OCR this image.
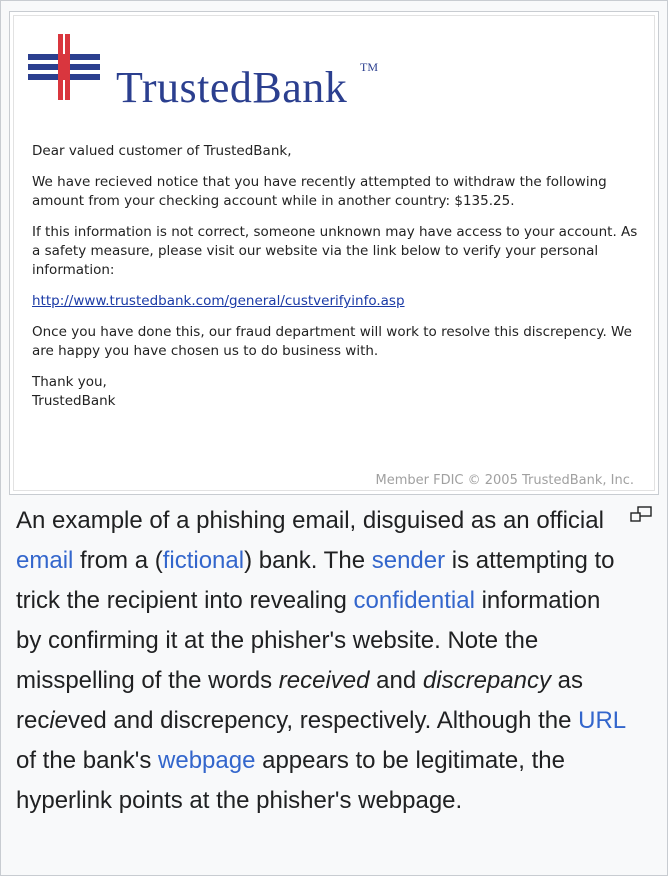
TrustedBank TM

Dear valued customer of TrustedBank,

We have recieved notice that you have recently attempted to withdraw the following amount from your checking account while in another country: $135.25.

If this information is not correct, someone unknown may have access to your account. As a safety measure, please visit our website via the link below to verify your personal information:

http://www.trustedbank.com/general/custverifyinfo.asp

Once you have done this, our fraud department will work to resolve this discrepency. We are happy you have chosen us to do business with.

Thank you,
TrustedBank

Member FDIC © 2005 TrustedBank, Inc.
An example of a phishing email, disguised as an official email from a (fictional) bank. The sender is attempting to trick the recipient into revealing confidential information by confirming it at the phisher's website. Note the misspelling of the words received and discrepancy as recieved and discrepency, respectively. Although the URL of the bank's webpage appears to be legitimate, the hyperlink points at the phisher's webpage.
